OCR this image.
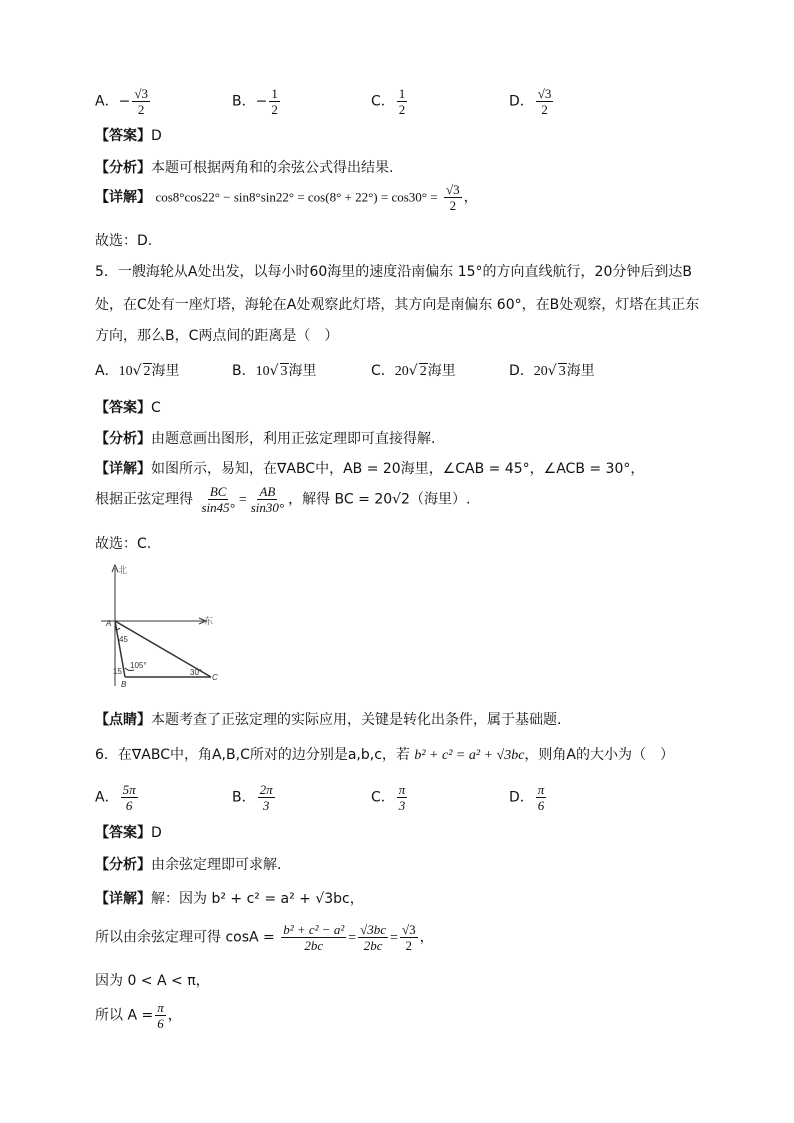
A．− $\frac{√3}{2}$	B．− $\frac{1}{2}$	C． $\frac{1}{2}$	D． $\frac{√3}{2}$
【答案】D
【分析】本题可根据两角和的余弦公式得出结果.
【详解】 $\cos 8^\circ\cos 22^\circ - \sin 8^\circ\sin 22^\circ = \cos(8^\circ + 22^\circ) = \cos 30^\circ = \frac{√3}{2}$ ，
故选：D.
5．一艘海轮从A处出发，以每小时60海里的速度沿南偏东 15°的方向直线航行，20分钟后到达B
处，在C处有一座灯塔，海轮在A处观察此灯塔，其方向是南偏东 60°，在B处观察，灯塔在其正东
方向，那么B，C两点间的距离是（　）
A．10√ 2海里	B．10√ 3海里	C．20√ 2海里	D．20√ 3海里
【答案】C
【分析】由题意画出图形，利用正弦定理即可直接得解.
【详解】如图所示，易知，在∇ABC中，AB = 20海里，∠CAB = 45°，∠ACB = 30°，
根据正弦定理得 $\frac{BC}{\sin 45^\circ} = \frac{AB}{\sin 30^\circ}$ ，解得 BC = 20√2（海里）.
故选：C.
北
东
A
B
C
45
105°
15	30°
【点睛】本题考查了正弦定理的实际应用，关键是转化出条件，属于基础题.
6．在∇ABC中，角A,B,C所对的边分别是a,b,c，若 b² + c² = a² + √3bc，则角A的大小为（　）
A． $\frac{5\pi}{6}$	B． $\frac{2\pi}{3}$	C． $\frac{\pi}{3}$	D． $\frac{\pi}{6}$
【答案】D
【分析】由余弦定理即可求解.
【详解】解：因为 b² + c² = a² + √3bc，
所以由余弦定理可得 $\cos A = \frac{\text{b² + c² − a²}}{2bc} = \frac{√3bc}{2bc} = \frac{√3}{2}$ ，
因为 0 < A < π，
所以 $A = \frac{\pi}{6}$ ，
